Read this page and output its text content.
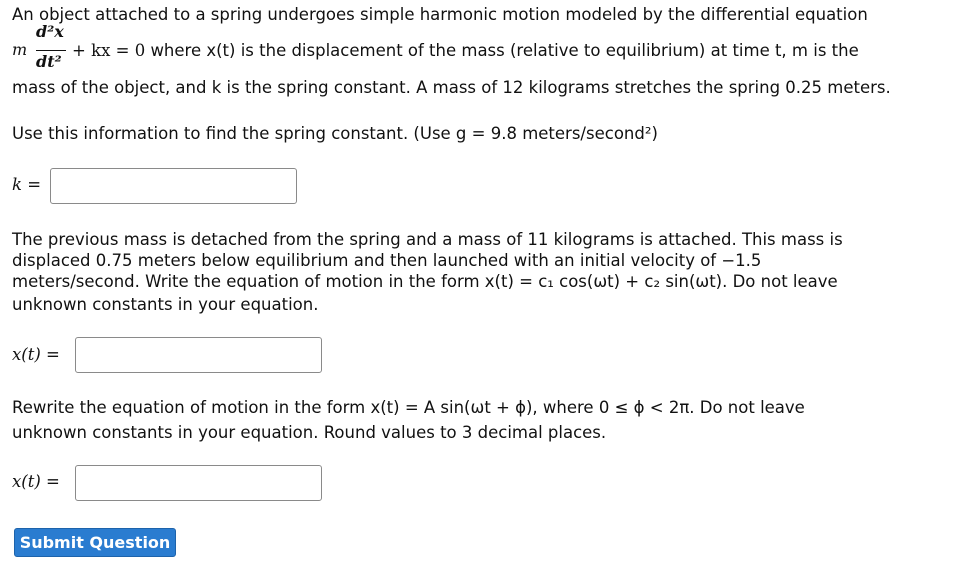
An object attached to a spring undergoes simple harmonic motion modeled by the differential equation
m
d²x
dt²
+ kx = 0 where x(t) is the displacement of the mass (relative to equilibrium) at time t, m is the
mass of the object, and k is the spring constant. A mass of 12 kilograms stretches the spring 0.25 meters.
Use this information to find the spring constant. (Use g = 9.8 meters/second²)
k =
The previous mass is detached from the spring and a mass of 11 kilograms is attached. This mass is
displaced 0.75 meters below equilibrium and then launched with an initial velocity of −1.5
meters/second. Write the equation of motion in the form x(t) = c₁ cos(ωt) + c₂ sin(ωt). Do not leave
unknown constants in your equation.
x(t) =
Rewrite the equation of motion in the form x(t) = A sin(ωt + ϕ), where 0 ≤ ϕ < 2π. Do not leave
unknown constants in your equation. Round values to 3 decimal places.
x(t) =
Submit Question
